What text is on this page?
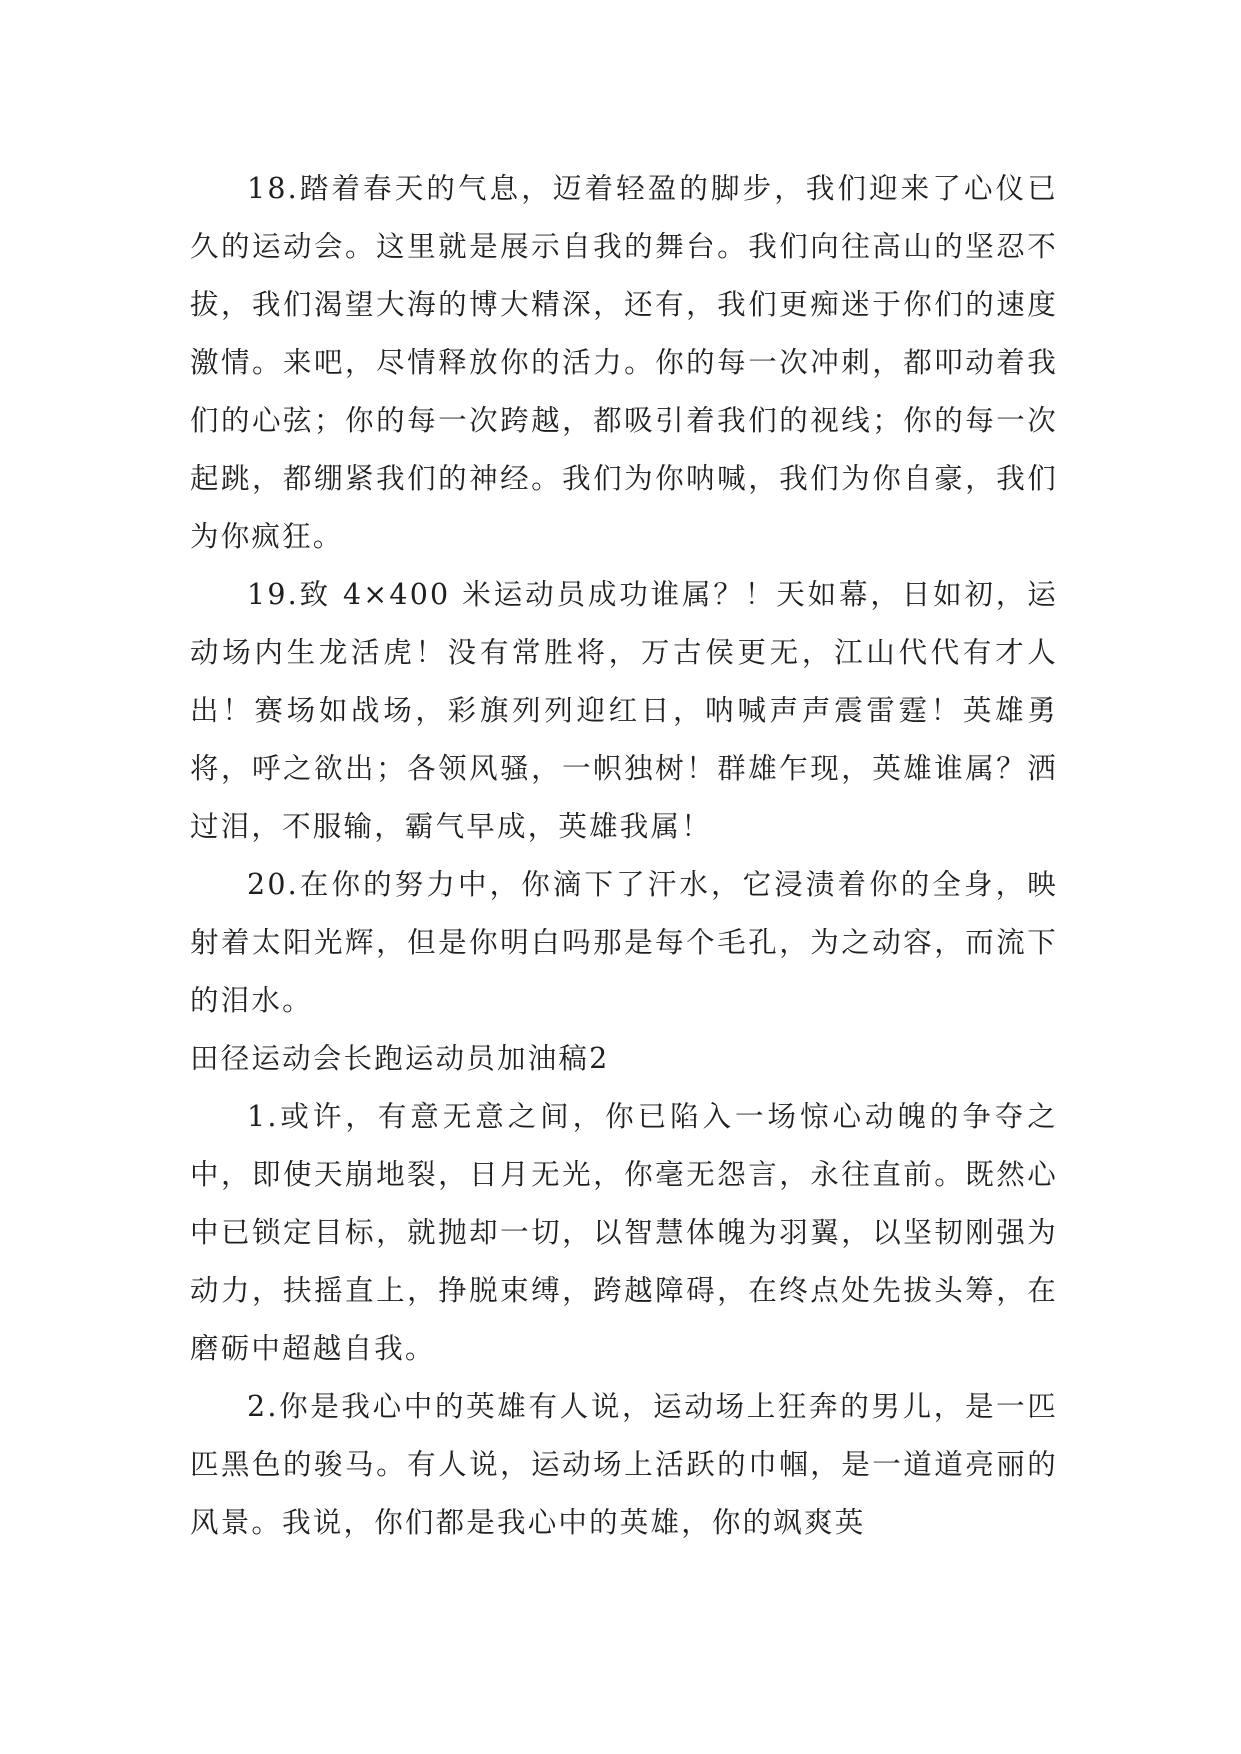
18.踏着春天的气息，迈着轻盈的脚步，我们迎来了心仪已久的运动会。这里就是展示自我的舞台。我们向往高山的坚忍不拔，我们渴望大海的博大精深，还有，我们更痴迷于你们的速度激情。来吧，尽情释放你的活力。你的每一次冲刺，都叩动着我们的心弦；你的每一次跨越，都吸引着我们的视线；你的每一次起跳，都绷紧我们的神经。我们为你呐喊，我们为你自豪，我们为你疯狂。

19.致 4×400 米运动员成功谁属？！天如幕，日如初，运动场内生龙活虎！没有常胜将，万古侯更无，江山代代有才人出！赛场如战场，彩旗列列迎红日，呐喊声声震雷霆！英雄勇将，呼之欲出；各领风骚，一帜独树！群雄乍现，英雄谁属？洒过泪，不服输，霸气早成，英雄我属！

20.在你的努力中，你滴下了汗水，它浸渍着你的全身，映射着太阳光辉，但是你明白吗那是每个毛孔，为之动容，而流下的泪水。

田径运动会长跑运动员加油稿2

1.或许，有意无意之间，你已陷入一场惊心动魄的争夺之中，即使天崩地裂，日月无光，你毫无怨言，永往直前。既然心中已锁定目标，就抛却一切，以智慧体魄为羽翼，以坚韧刚强为动力，扶摇直上，挣脱束缚，跨越障碍，在终点处先拔头筹，在磨砺中超越自我。

2.你是我心中的英雄有人说，运动场上狂奔的男儿，是一匹匹黑色的骏马。有人说，运动场上活跃的巾帼，是一道道亮丽的风景。我说，你们都是我心中的英雄，你的飒爽英
